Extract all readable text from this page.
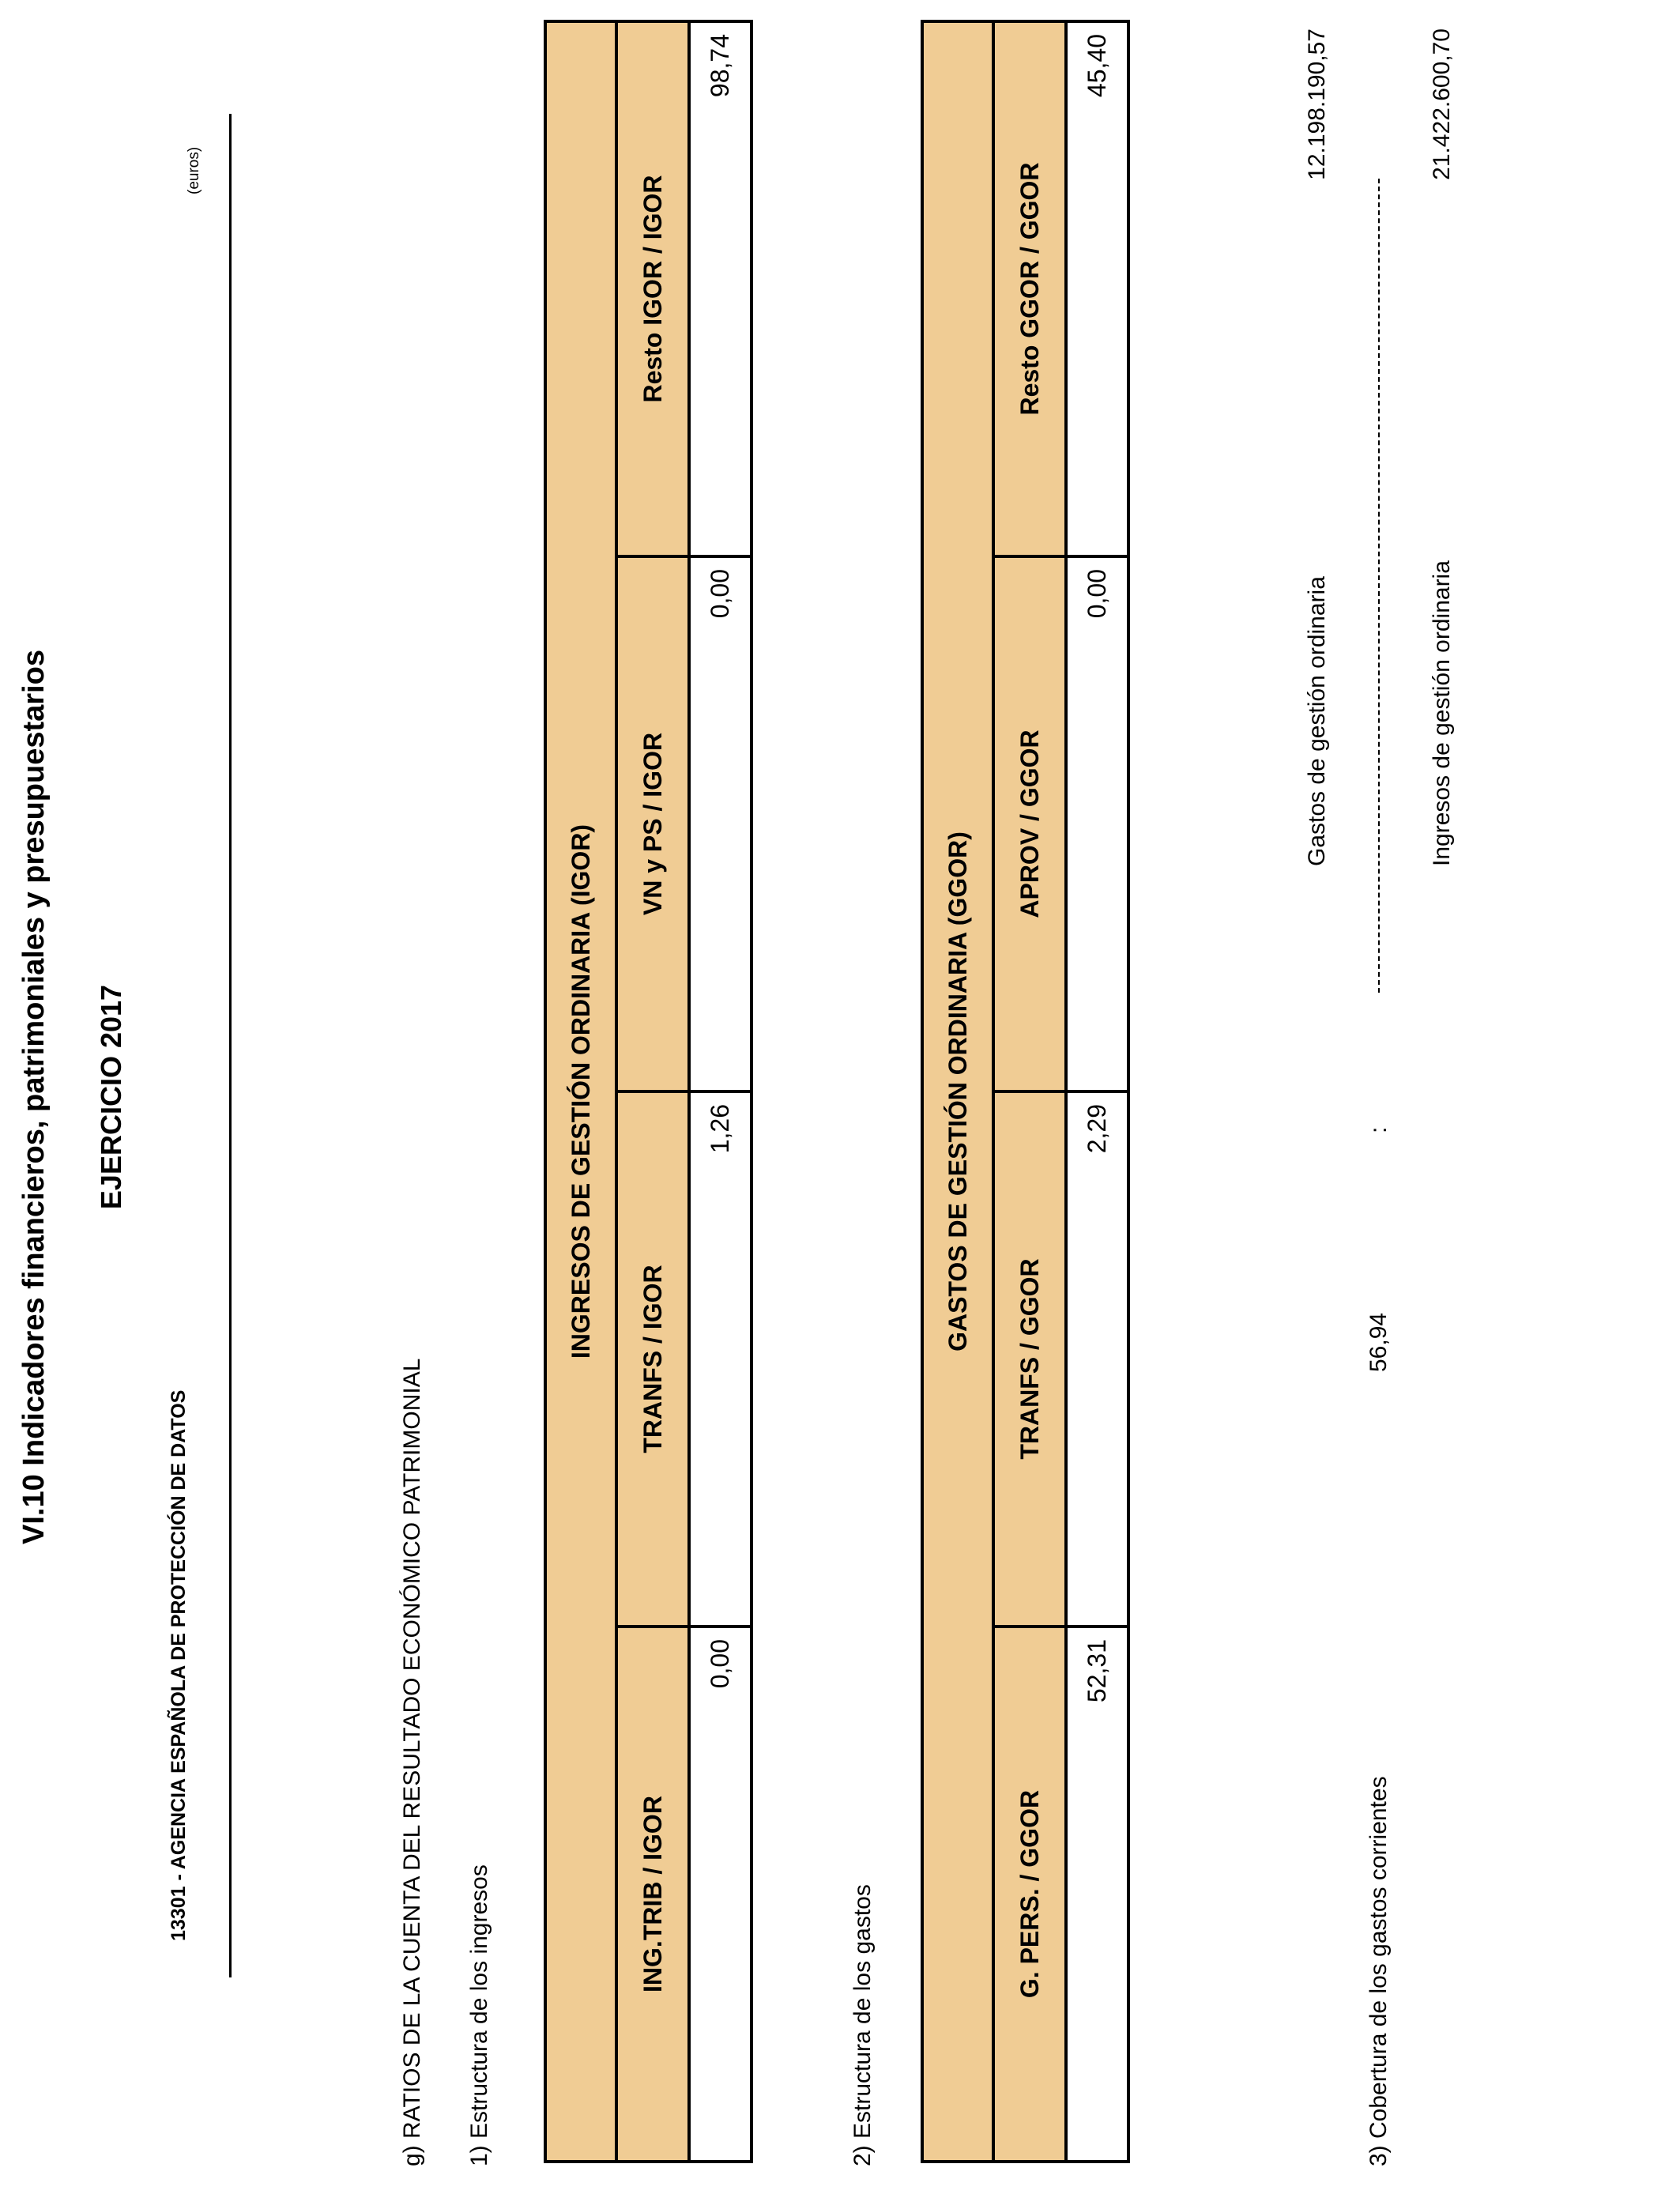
VI.10 Indicadores financieros, patrimoniales y presupuestarios EJERCICIO 2017
13301 - AGENCIA ESPAÑOLA DE PROTECCIÓN DE DATOS
(euros)
g) RATIOS DE LA CUENTA DEL RESULTADO ECONÓMICO PATRIMONIAL 1) Estructura de los ingresos
INGRESOS DE GESTIÓN ORDINARIA (IGOR)			
ING.TRIB / IGOR	TRANFS / IGOR	VN y PS / IGOR	Resto IGOR / IGOR
0,00	1,26	0,00	98,74
2) Estructura de los gastos
GASTOS DE GESTIÓN ORDINARIA (GGOR)			
G. PERS. / GGOR	TRANFS / GGOR	APROV / GGOR	Resto GGOR / GGOR
52,31	2,29	0,00	45,40
3) Cobertura de los gastos corrientes
56,94
:
Gastos de gestión ordinaria
12.198.190,57
Ingresos de gestión ordinaria
21.422.600,70
